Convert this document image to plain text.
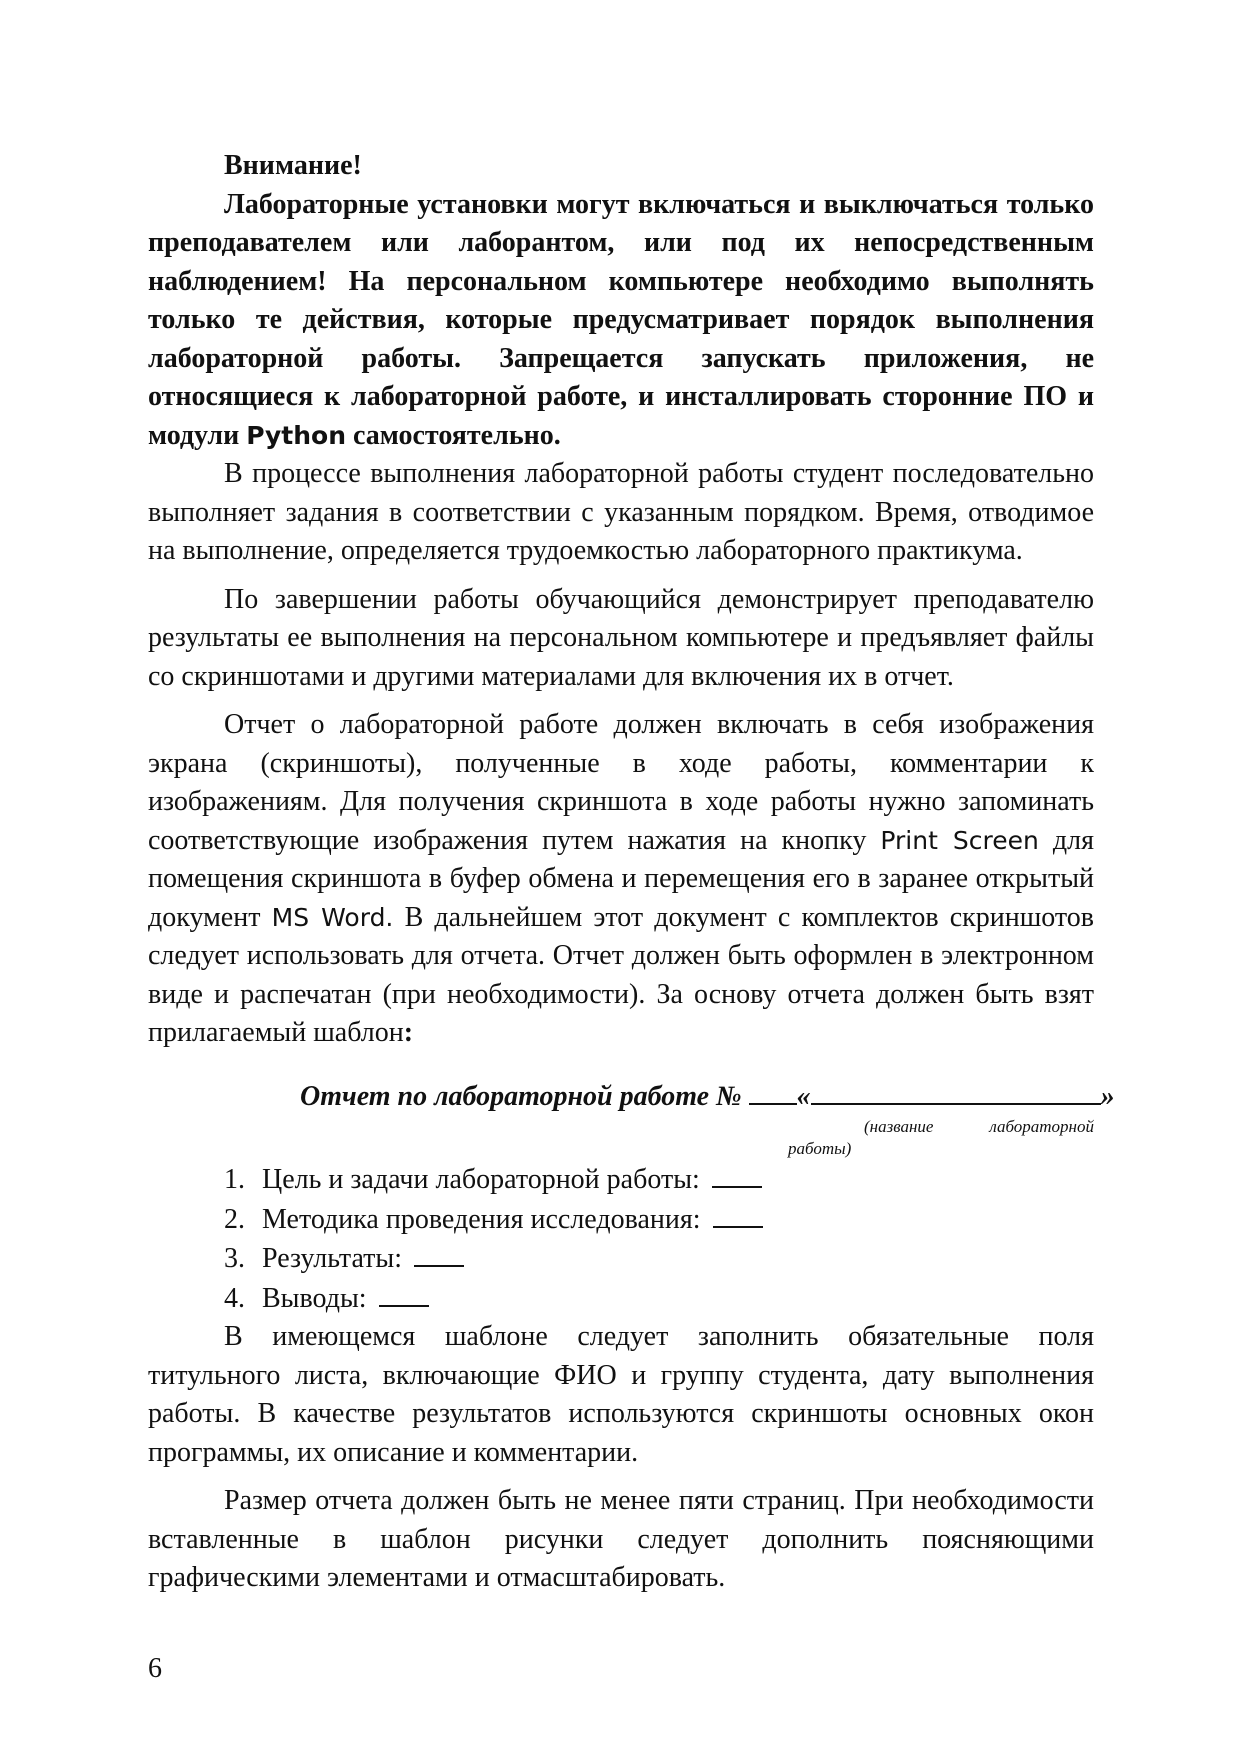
Внимание!

Лабораторные установки могут включаться и выключаться только преподавателем или лаборантом, или под их непосредственным наблюдением! На персональном компьютере необходимо выполнять только те действия, которые предусматривает порядок выполнения лабораторной работы. Запрещается запускать приложения, не относящиеся к лабораторной работе, и инсталлировать сторонние ПО и модули Python самостоятельно.

В процессе выполнения лабораторной работы студент последовательно выполняет задания в соответствии с указанным порядком. Время, отводимое на выполнение, определяется трудоемкостью лабораторного практикума.

По завершении работы обучающийся демонстрирует преподавателю результаты ее выполнения на персональном компьютере и предъявляет файлы со скриншотами и другими материалами для включения их в отчет.

Отчет о лабораторной работе должен включать в себя изображения экрана (скриншоты), полученные в ходе работы, комментарии к изображениям. Для получения скриншота в ходе работы нужно запоминать соответствующие изображения путем нажатия на кнопку Print Screen для помещения скриншота в буфер обмена и перемещения его в заранее открытый документ MS Word. В дальнейшем этот документ с комплектов скриншотов следует использовать для отчета. Отчет должен быть оформлен в электронном виде и распечатан (при необходимости). За основу отчета должен быть взят прилагаемый шаблон:

Отчет по лабораторной работе № «	»

(название лабораторной работы)

1. Цель и задачи лабораторной работы:
2. Методика проведения исследования:
3. Результаты:
4. Выводы:

В имеющемся шаблоне следует заполнить обязательные поля титульного листа, включающие ФИО и группу студента, дату выполнения работы. В качестве результатов используются скриншоты основных окон программы, их описание и комментарии.

Размер отчета должен быть не менее пяти страниц. При необходимости вставленные в шаблон рисунки следует дополнить поясняющими графическими элементами и отмасштабировать.

6
